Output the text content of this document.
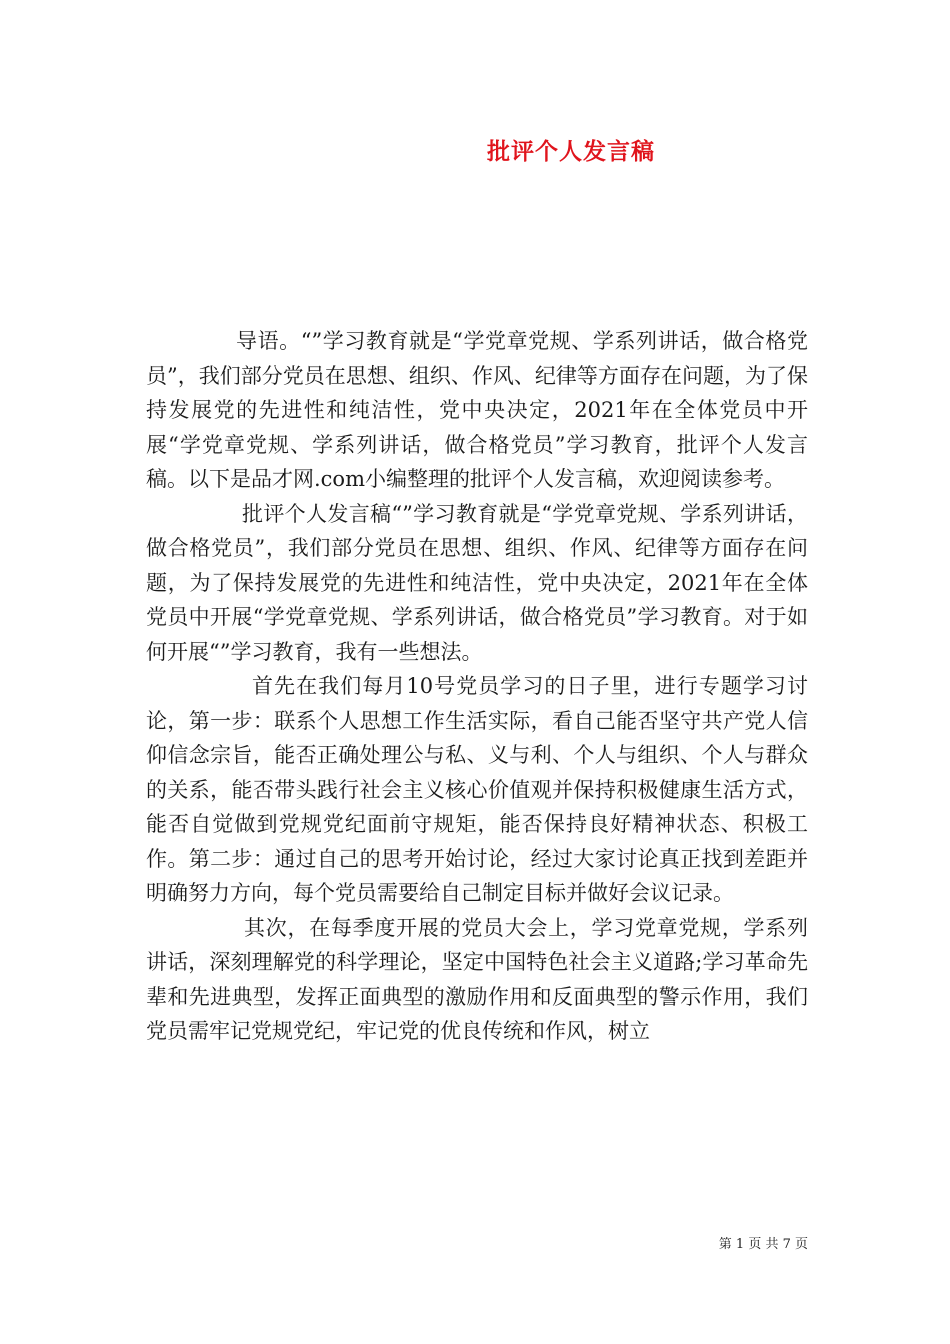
批评个人发言稿

导语。“”学习教育就是“学党章党规、学系列讲话，做合格党员”，我们部分党员在思想、组织、作风、纪律等方面存在问题，为了保持发展党的先进性和纯洁性，党中央决定，2021年在全体党员中开展“学党章党规、学系列讲话，做合格党员”学习教育，批评个人发言稿。以下是品才网.com小编整理的批评个人发言稿，欢迎阅读参考。

批评个人发言稿“”学习教育就是“学党章党规、学系列讲话，做合格党员”，我们部分党员在思想、组织、作风、纪律等方面存在问题，为了保持发展党的先进性和纯洁性，党中央决定，2021年在全体党员中开展“学党章党规、学系列讲话，做合格党员”学习教育。对于如何开展“”学习教育，我有一些想法。

首先在我们每月10号党员学习的日子里，进行专题学习讨论，第一步：联系个人思想工作生活实际，看自己能否坚守共产党人信仰信念宗旨，能否正确处理公与私、义与利、个人与组织、个人与群众的关系，能否带头践行社会主义核心价值观并保持积极健康生活方式，能否自觉做到党规党纪面前守规矩，能否保持良好精神状态、积极工作。第二步：通过自己的思考开始讨论，经过大家讨论真正找到差距并明确努力方向，每个党员需要给自己制定目标并做好会议记录。

其次，在每季度开展的党员大会上，学习党章党规，学系列讲话，深刻理解党的科学理论，坚定中国特色社会主义道路;学习革命先辈和先进典型，发挥正面典型的激励作用和反面典型的警示作用，我们党员需牢记党规党纪，牢记党的优良传统和作风，树立

第 1 页 共 7 页
